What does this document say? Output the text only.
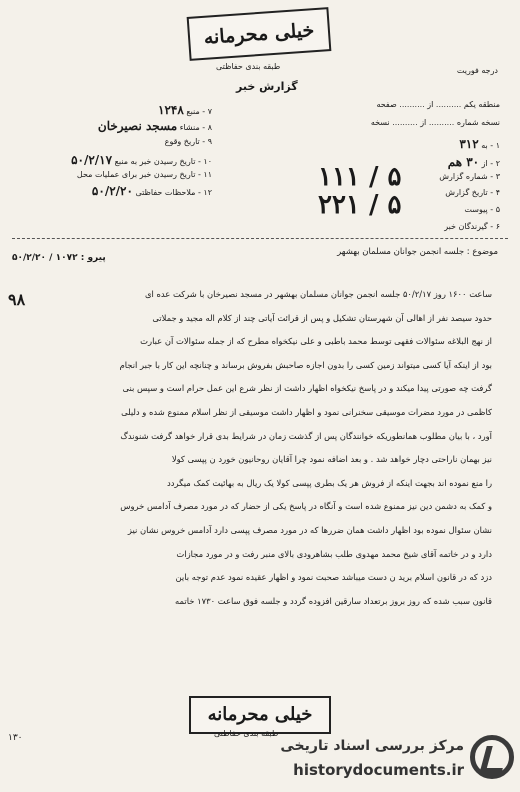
خیلی محرمانه
طبقه بندی حفاظتی	درجه فوریت
گزارش خبر
منطقه یکم .......... از .......... صفحه
نسخه شماره .......... از .......... نسخه
۱ - به ۳۱۲
۲ - از ۳۰ هم
۳ - شماره گزارش
۴ - تاریخ گزارش
۵ - پیوست
۶ - گیرندگان خبر
۱۱۱ / ۵
۲۲۱ / ۵
۷ - منبع ۱۲۴۸
۸ - منشاء مسجد نصیرخان
۹ - تاریخ وقوع
۱۰ - تاریخ رسیدن خبر به منبع ۵۰/۲/۱۷
۱۱ - تاریخ رسیدن خبر برای عملیات محل
۱۲ - ملاحظات حفاظتی ۵۰/۲/۲۰
پیرو : ۱۰۷۲ / ۵۰/۲/۲۰
موضوع : جلسه انجمن جوانان مسلمان بهشهر
۹۸	ساعت ۱۶۰۰ روز ۵۰/۲/۱۷ جلسه انجمن جوانان مسلمان بهشهر در مسجد نصیرخان با شرکت عده ای

حدود سیصد نفر از اهالی آن شهرستان تشکیل و پس از قرائت آیاتی چند از کلام اله مجید و جملاتی

از نهج البلاغه سئوالات فقهی توسط محمد باطبی و علی نیکخواه مطرح که از جمله سئوالات آن عبارت

بود از اینکه آیا کسی میتواند زمین کسی را بدون اجازه صاحبش بفروش برساند و چنانچه این کار با جبر انجام

گرفت چه صورتی پیدا میکند و در پاسخ نیکخواه اظهار داشت از نظر شرع این عمل حرام است و سپس بنی

کاظمی در مورد مضرات موسیقی سخنرانی نمود و اظهار داشت موسیقی از نظر اسلام ممنوع شده و دلیلی

آورد ، با بیان مطلوب همانطوریکه خوانندگان پس از گذشت زمان در شرایط بدی قرار خواهد گرفت شنوندگ

نیز بهمان ناراحتی دچار خواهد شد . و بعد اضافه نمود چرا آقایان روحانیون خورد ن پپسی کولا

را منع نموده اند بجهت اینکه از فروش هر یک بطری پپسی کولا یک ریال به بهائیت کمک میگردد

و کمک به دشمن دین نیز ممنوع شده است و آنگاه در پاسخ یکی از حضار که در مورد مصرف آدامس خروس

نشان سئوال نموده بود اظهار داشت همان ضررها که در مورد مصرف پپسی دارد آدامس خروس نشان نیز

دارد و در خاتمه آقای شیخ محمد مهدوی طلب بشاهرودی بالای منبر رفت و در مورد مجازات

دزد که در قانون اسلام برید ن دست میباشد صحبت نمود و اظهار عقیده نمود عدم توجه باین

قانون سبب شده که روز بروز برتعداد سارقین افزوده گردد و جلسه فوق ساعت ۱۷۳۰ خاتمه

خیلی محرمانه
طبقه بندی حفاظتی
۱۳۰	مرکز بررسی اسناد تاریخی
historydocuments.ir
